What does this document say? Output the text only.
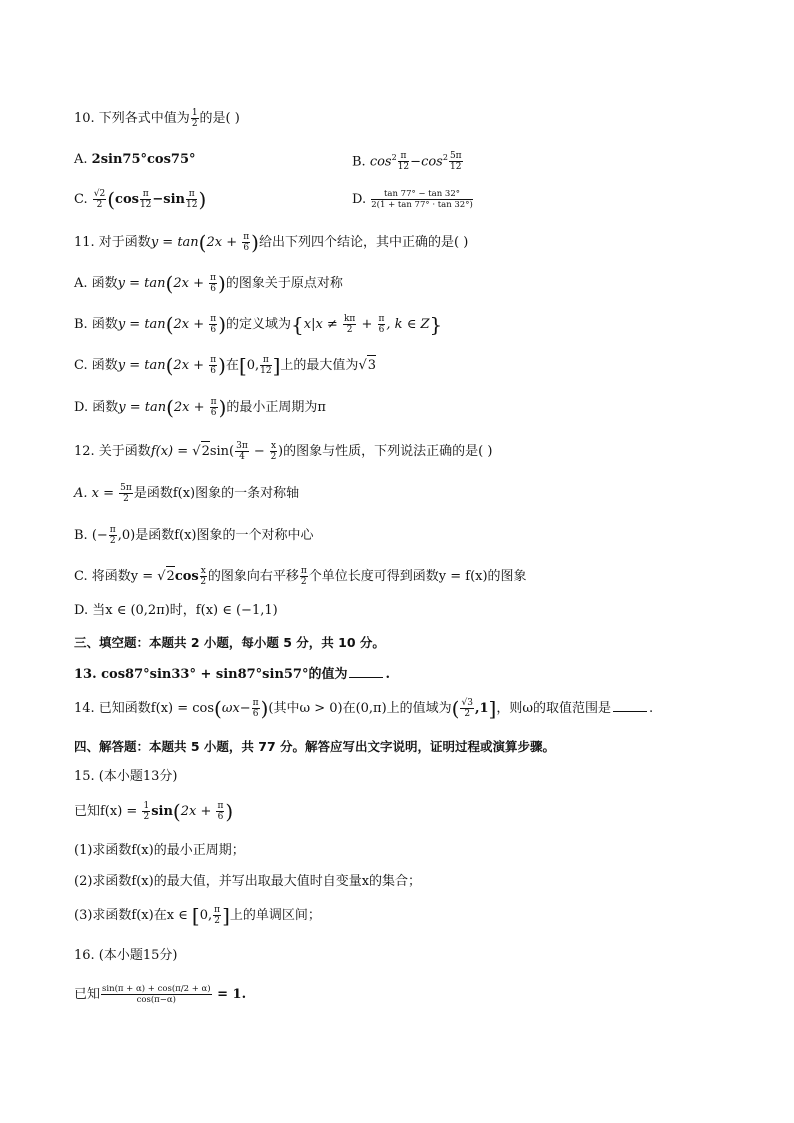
10. 下列各式中值为 $\frac{1}{2}$ 的是( )
A. 2sin75°cos75°	B. $\cos^2 \frac{\pi}{12} -\cos^2 \frac{5\pi}{12}$
C. $\frac{√2}{2} (\cos \frac{\pi}{12} -\sin \frac{\pi}{12}$ )	D. $\frac{\tan 77^\circ - \tan 32^\circ}{2(1 + \tan 77^\circ \cdot \tan 32^\circ)}$
11. 对于函数$y = \tan(2x + \frac{\pi}{6}$ )给出下列四个结论，其中正确的是( )
A. 函数$y = \tan(2x + \frac{\pi}{6}$ )的图象关于原点对称
B. 函数$y = \tan(2x + \frac{\pi}{6}$ )的定义域为{$x|x \ne \frac{k\pi}{2} + \frac{\pi}{6}$ , k ∈ Z}
C. 函数$y = \tan(2x + \frac{\pi}{6}$ )在[0, $\frac{\pi}{12}$ ]上的最大值为√3
D. 函数$y = \tan(2x + \frac{\pi}{6}$ )的最小正周期为π
12. 关于函数$f(x) = √2\sin( \frac{3\pi}{4} - \frac{x}{2}$ )的图象与性质，下列说法正确的是( )
A. $x = \frac{5\pi}{2}$ 是函数f(x)图象的一条对称轴
B. (− $\frac{\pi}{2} ,0$)是函数f(x)图象的一个对称中心
C. 将函数$y = √2\cos \frac{x}{2}$ 的图象向右平移 $\frac{\pi}{2}$ 个单位长度可得到函数y = f(x)的图象
D. 当x ∈ (0,2π)时，f(x) ∈ (−1,1)
三、填空题：本题共 2 小题，每小题 5 分，共 10 分。
13. cos87°sin33° + sin87°sin57°的值为	.
14. 已知函数$f(x) = \cos(\omega x- \frac{\pi}{6}$ )(其中ω > 0)在(0,π)上的值域为( $\frac{√3}{2} ,1$]，则ω的取值范围是	.
四、解答题：本题共 5 小题，共 77 分。解答应写出文字说明，证明过程或演算步骤。
15. (本小题13分)
已知$f(x) = \frac{1}{2} \sin(2x + \frac{\pi}{6}$ )
(1)求函数f(x)的最小正周期；
(2)求函数f(x)的最大值，并写出取最大值时自变量x的集合；
(3)求函数f(x)在x ∈ [0, $\frac{\pi}{2}$ ]上的单调区间；
16. (本小题15分)
已知 $\frac{\sin(\pi + \alpha) + \cos(\pi/2 + \alpha)}{\cos(\pi-\alpha)} = 1$.
